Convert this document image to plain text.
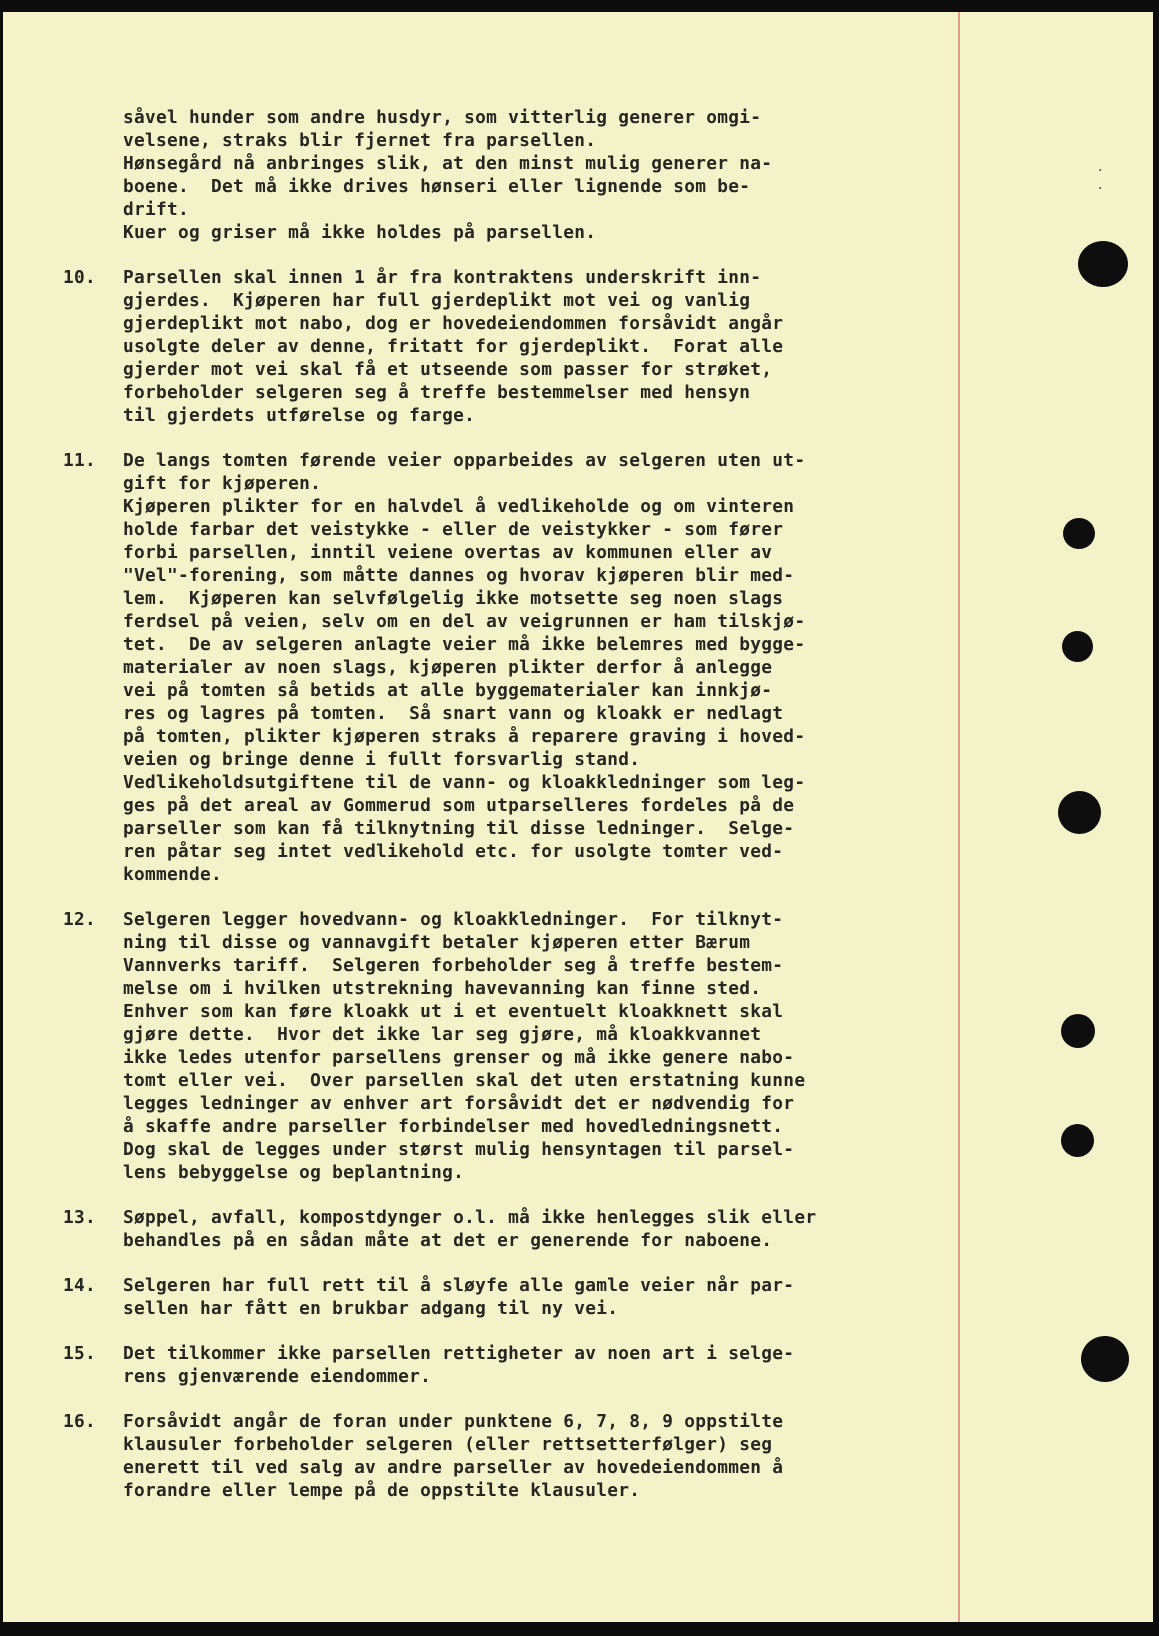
såvel hunder som andre husdyr, som vitterlig generer omgi-
velsene, straks blir fjernet fra parsellen.
Hønsegård nå anbringes slik, at den minst mulig generer na-
boene.  Det må ikke drives hønseri eller lignende som be-
drift.
Kuer og griser må ikke holdes på parsellen.
10. Parsellen skal innen 1 år fra kontraktens underskrift inn-
gjerdes.  Kjøperen har full gjerdeplikt mot vei og vanlig
gjerdeplikt mot nabo, dog er hovedeiendommen forsåvidt angår
usolgte deler av denne, fritatt for gjerdeplikt.  Forat alle
gjerder mot vei skal få et utseende som passer for strøket,
forbeholder selgeren seg å treffe bestemmelser med hensyn
til gjerdets utførelse og farge.
11. De langs tomten førende veier opparbeides av selgeren uten ut-
gift for kjøperen.
Kjøperen plikter for en halvdel å vedlikeholde og om vinteren
holde farbar det veistykke - eller de veistykker - som fører
forbi parsellen, inntil veiene overtas av kommunen eller av
"Vel"-forening, som måtte dannes og hvorav kjøperen blir med-
lem.  Kjøperen kan selvfølgelig ikke motsette seg noen slags
ferdsel på veien, selv om en del av veigrunnen er ham tilskjø-
tet.  De av selgeren anlagte veier må ikke belemres med bygge-
materialer av noen slags, kjøperen plikter derfor å anlegge
vei på tomten så betids at alle byggematerialer kan innkjø-
res og lagres på tomten.  Så snart vann og kloakk er nedlagt
på tomten, plikter kjøperen straks å reparere graving i hoved-
veien og bringe denne i fullt forsvarlig stand.
Vedlikeholdsutgiftene til de vann- og kloakkledninger som leg-
ges på det areal av Gommerud som utparselleres fordeles på de
parseller som kan få tilknytning til disse ledninger.  Selge-
ren påtar seg intet vedlikehold etc. for usolgte tomter ved-
kommende.
12. Selgeren legger hovedvann- og kloakkledninger.  For tilknyt-
ning til disse og vannavgift betaler kjøperen etter Bærum
Vannverks tariff.  Selgeren forbeholder seg å treffe bestem-
melse om i hvilken utstrekning havevanning kan finne sted.
Enhver som kan føre kloakk ut i et eventuelt kloakknett skal
gjøre dette.  Hvor det ikke lar seg gjøre, må kloakkvannet
ikke ledes utenfor parsellens grenser og må ikke genere nabo-
tomt eller vei.  Over parsellen skal det uten erstatning kunne
legges ledninger av enhver art forsåvidt det er nødvendig for
å skaffe andre parseller forbindelser med hovedledningsnett.
Dog skal de legges under størst mulig hensyntagen til parsel-
lens bebyggelse og beplantning.
13. Søppel, avfall, kompostdynger o.l. må ikke henlegges slik eller
behandles på en sådan måte at det er generende for naboene.
14. Selgeren har full rett til å sløyfe alle gamle veier når par-
sellen har fått en brukbar adgang til ny vei.
15. Det tilkommer ikke parsellen rettigheter av noen art i selge-
rens gjenværende eiendommer.
16. Forsåvidt angår de foran under punktene 6, 7, 8, 9 oppstilte
klausuler forbeholder selgeren (eller rettsetterfølger) seg
enerett til ved salg av andre parseller av hovedeiendommen å
forandre eller lempe på de oppstilte klausuler.
·
·
